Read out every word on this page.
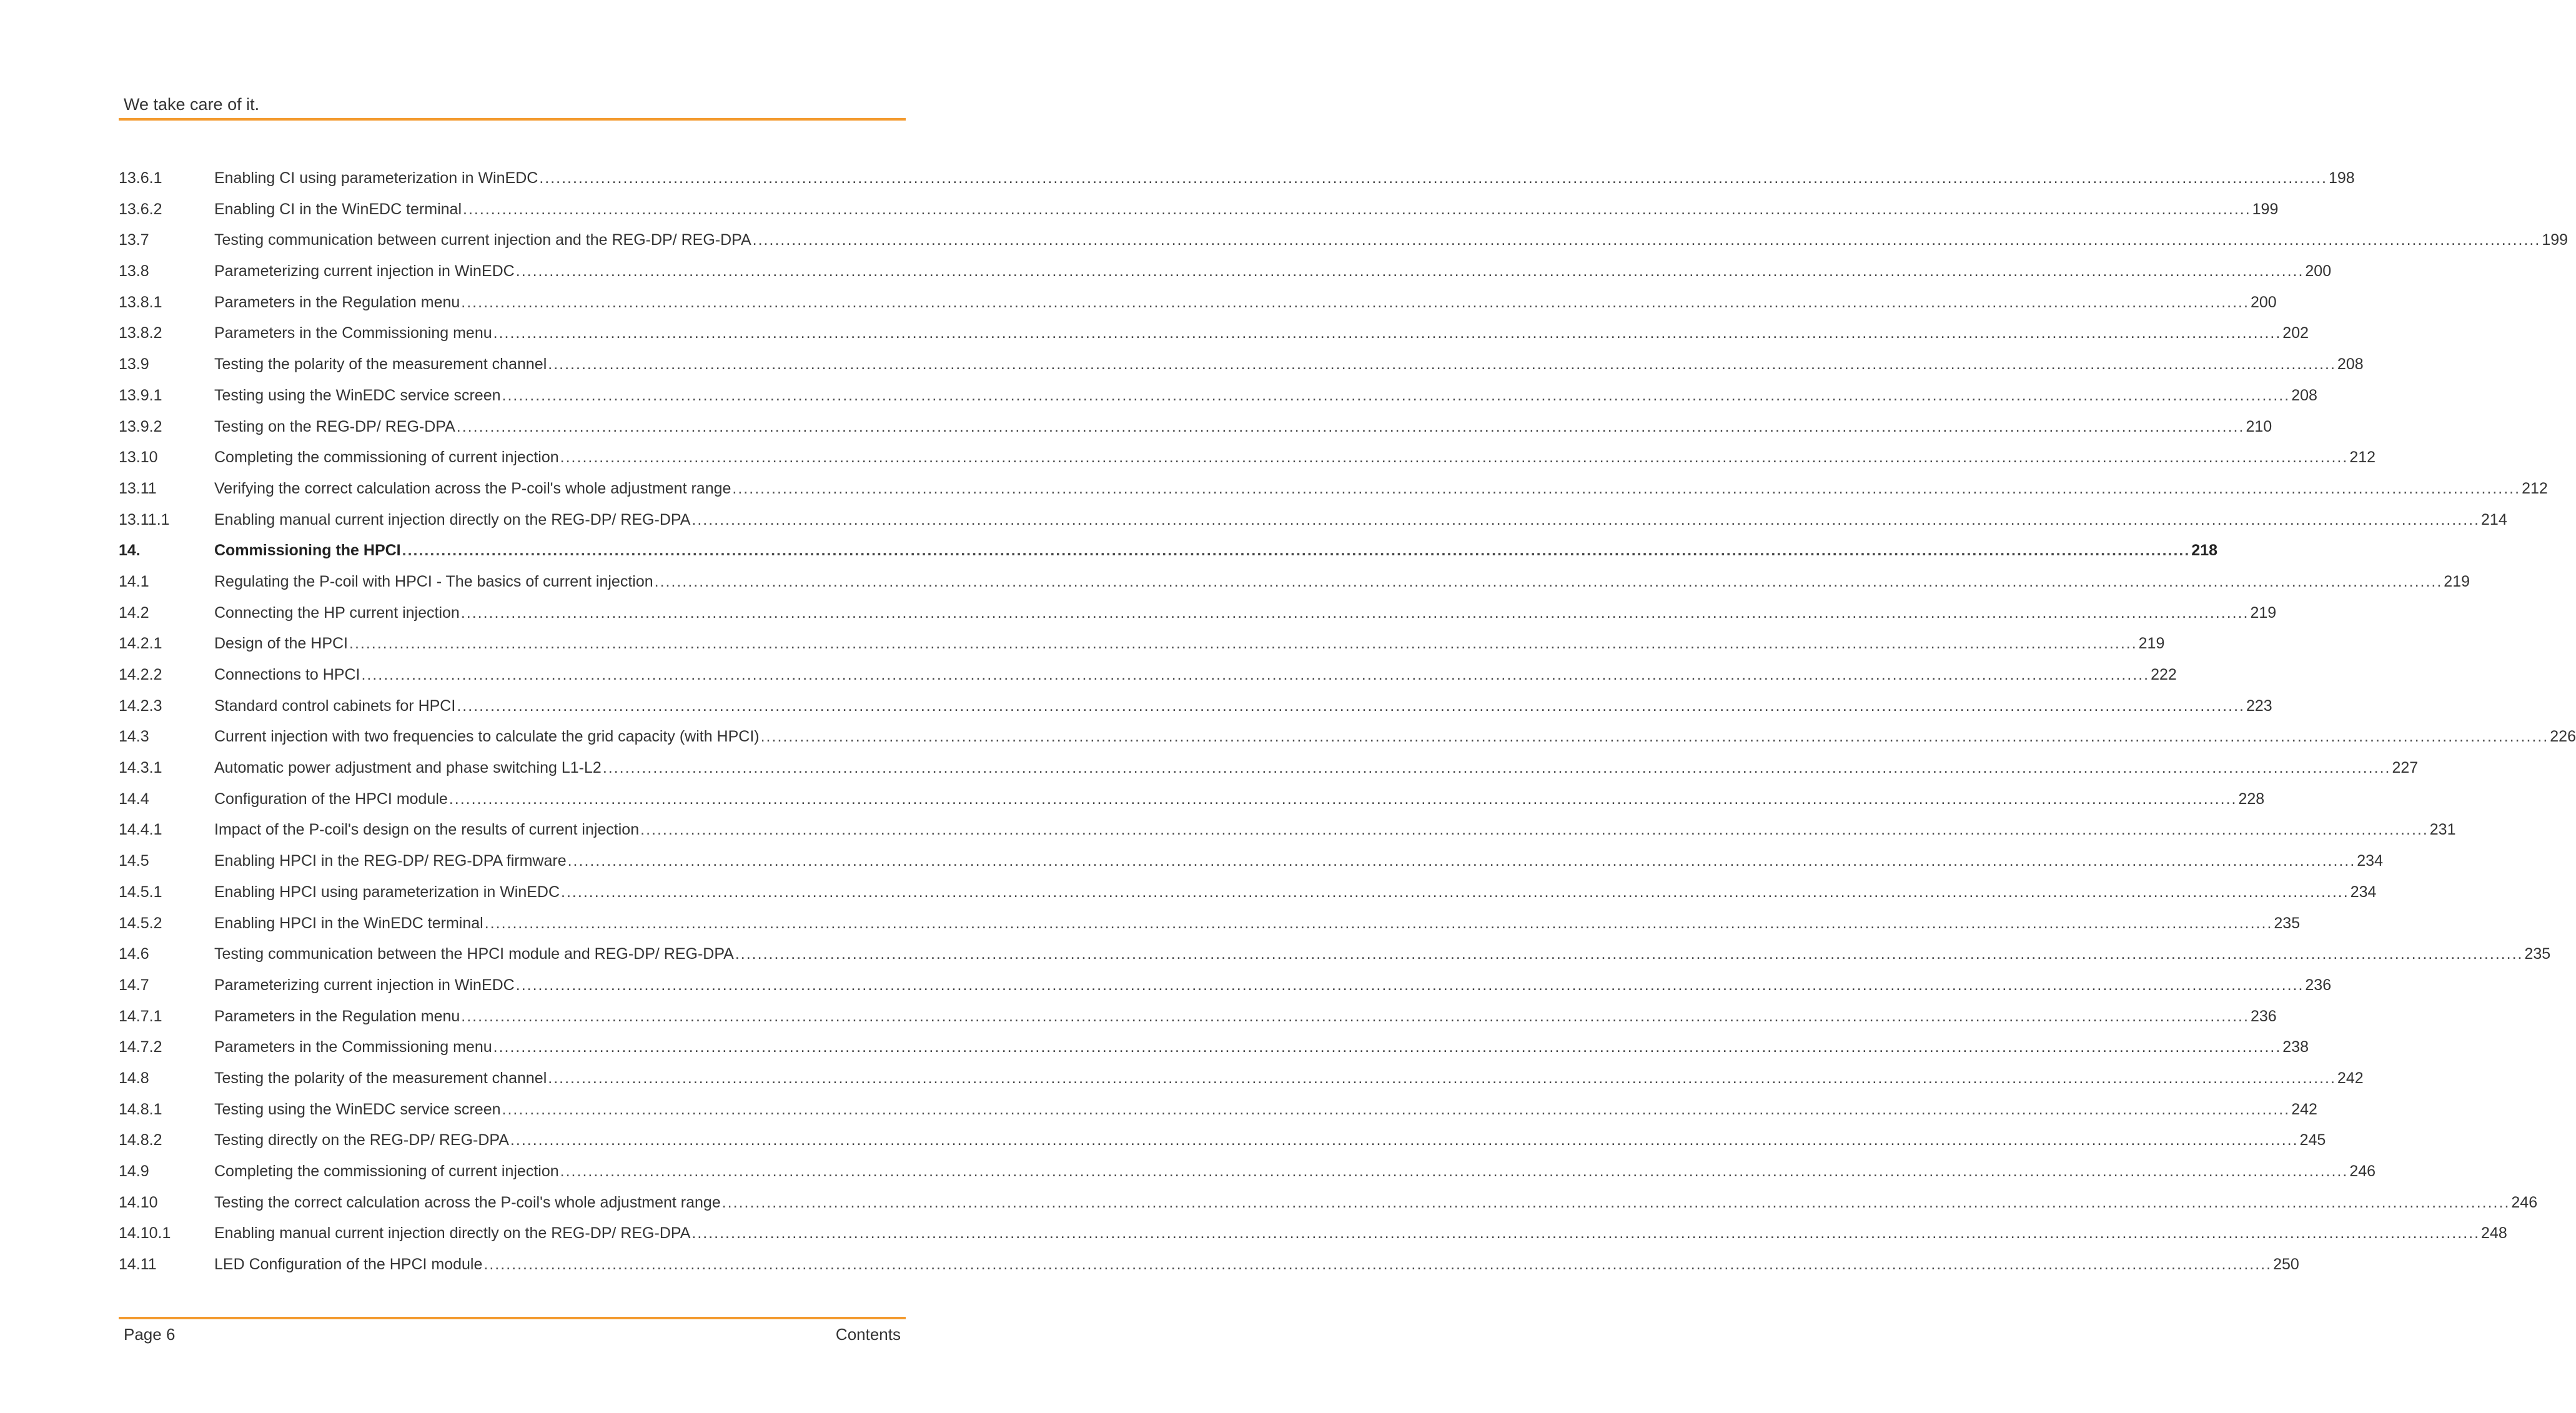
We take care of it.
13.6.1	Enabling CI using parameterization in WinEDC .....	198
13.6.2	Enabling CI in the WinEDC terminal .....	199
13.7	Testing communication between current injection and the REG-DP/ REG-DPA .....	199
13.8	Parameterizing current injection in WinEDC .....	200
13.8.1	Parameters in the Regulation menu .....	200
13.8.2	Parameters in the Commissioning menu .....	202
13.9	Testing the polarity of the measurement channel .....	208
13.9.1	Testing using the WinEDC service screen .....	208
13.9.2	Testing on the REG-DP/ REG-DPA .....	210
13.10	Completing the commissioning of current injection .....	212
13.11	Verifying the correct calculation across the P-coil's whole adjustment range .....	212
13.11.1	Enabling manual current injection directly on the REG-DP/ REG-DPA .....	214
14.	Commissioning the HPCI .....	218
14.1	Regulating the P-coil with HPCI - The basics of current injection .....	219
14.2	Connecting the HP current injection .....	219
14.2.1	Design of the HPCI .....	219
14.2.2	Connections to HPCI .....	222
14.2.3	Standard control cabinets for HPCI .....	223
14.3	Current injection with two frequencies to calculate the grid capacity (with HPCI) .....	226
14.3.1	Automatic power adjustment and phase switching L1-L2 .....	227
14.4	Configuration of the HPCI module .....	228
14.4.1	Impact of the P-coil's design on the results of current injection .....	231
14.5	Enabling HPCI in the REG-DP/ REG-DPA firmware .....	234
14.5.1	Enabling HPCI using parameterization in WinEDC .....	234
14.5.2	Enabling HPCI in the WinEDC terminal .....	235
14.6	Testing communication between the HPCI module and REG-DP/ REG-DPA .....	235
14.7	Parameterizing current injection in WinEDC .....	236
14.7.1	Parameters in the Regulation menu .....	236
14.7.2	Parameters in the Commissioning menu .....	238
14.8	Testing the polarity of the measurement channel .....	242
14.8.1	Testing using the WinEDC service screen .....	242
14.8.2	Testing directly on the REG-DP/ REG-DPA .....	245
14.9	Completing the commissioning of current injection .....	246
14.10	Testing the correct calculation across the P-coil's whole adjustment range .....	246
14.10.1	Enabling manual current injection directly on the REG-DP/ REG-DPA .....	248
14.11	LED Configuration of the HPCI module .....	250
Page 6	Contents
